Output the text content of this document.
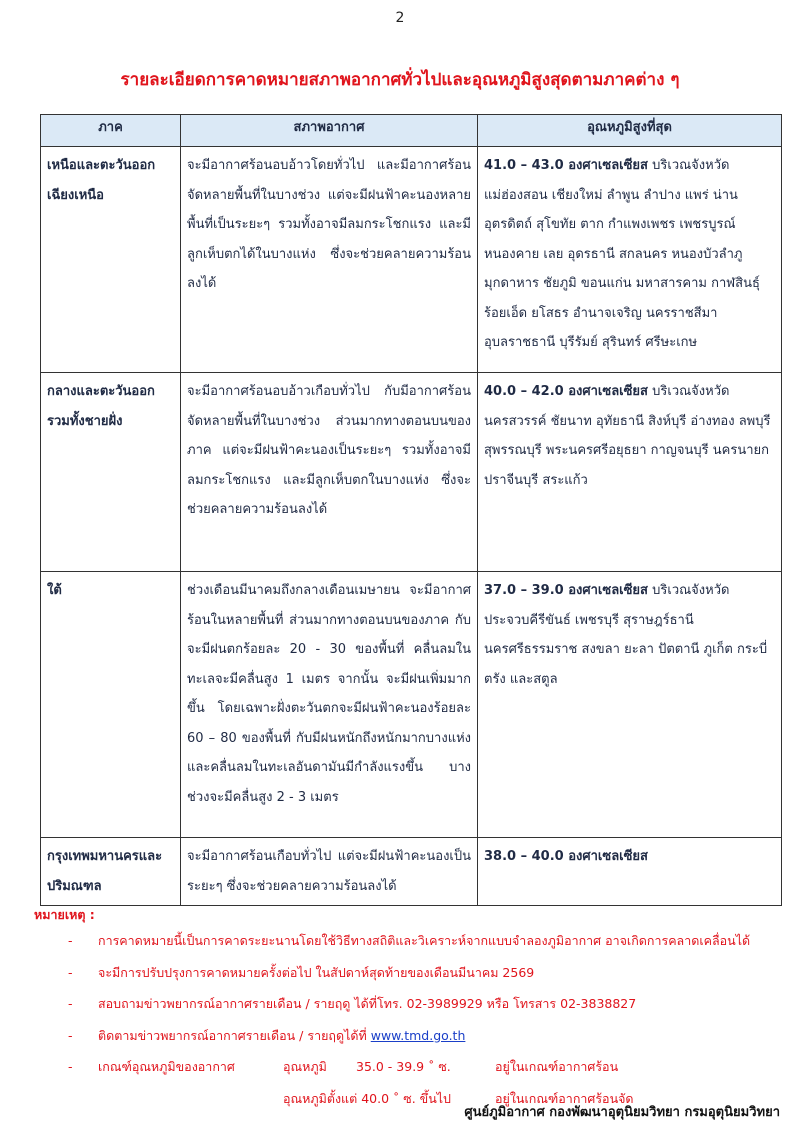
2
รายละเอียดการคาดหมายสภาพอากาศทั่วไปและอุณหภูมิสูงสุดตามภาคต่าง ๆ
ภาค	สภาพอากาศ	อุณหภูมิสูงที่สุด
เหนือและตะวันออกเฉียงเหนือ	จะมีอากาศร้อนอบอ้าวโดยทั่วไป และมีอากาศร้อนจัดหลายพื้นที่ในบางช่วง แต่จะมีฝนฟ้าคะนองหลายพื้นที่เป็นระยะๆ รวมทั้งอาจมีลมกระโชกแรง และมีลูกเห็บตกได้ในบางแห่ง ซึ่งจะช่วยคลายความร้อนลงได้	41.0 – 43.0 องศาเซลเซียส บริเวณจังหวัดแม่ฮ่องสอน เชียงใหม่ ลำพูน ลำปาง แพร่ น่าน อุตรดิตถ์ สุโขทัย ตาก กำแพงเพชร เพชรบูรณ์ หนองคาย เลย อุดรธานี สกลนคร หนองบัวลำภู มุกดาหาร ชัยภูมิ ขอนแก่น มหาสารคาม กาฬสินธุ์ ร้อยเอ็ด ยโสธร อำนาจเจริญ นครราชสีมา อุบลราชธานี บุรีรัมย์ สุรินทร์ ศรีษะเกษ
กลางและตะวันออกรวมทั้งชายฝั่ง	จะมีอากาศร้อนอบอ้าวเกือบทั่วไป กับมีอากาศร้อนจัดหลายพื้นที่ในบางช่วง ส่วนมากทางตอนบนของภาค แต่จะมีฝนฟ้าคะนองเป็นระยะๆ รวมทั้งอาจมีลมกระโชกแรง และมีลูกเห็บตกในบางแห่ง ซึ่งจะช่วยคลายความร้อนลงได้	40.0 – 42.0 องศาเซลเซียส บริเวณจังหวัดนครสวรรค์ ชัยนาท อุทัยธานี สิงห์บุรี อ่างทอง ลพบุรี สุพรรณบุรี พระนครศรีอยุธยา กาญจนบุรี นครนายก ปราจีนบุรี สระแก้ว
ใต้	ช่วงเดือนมีนาคมถึงกลางเดือนเมษายน จะมีอากาศร้อนในหลายพื้นที่ ส่วนมากทางตอนบนของภาค กับจะมีฝนตกร้อยละ 20 - 30 ของพื้นที่ คลื่นลมในทะเลจะมีคลื่นสูง 1 เมตร จากนั้น จะมีฝนเพิ่มมากขึ้น โดยเฉพาะฝั่งตะวันตกจะมีฝนฟ้าคะนองร้อยละ 60 – 80 ของพื้นที่ กับมีฝนหนักถึงหนักมากบางแห่งและคลื่นลมในทะเลอันดามันมีกำลังแรงขึ้น บางช่วงจะมีคลื่นสูง 2 - 3 เมตร	37.0 – 39.0 องศาเซลเซียส บริเวณจังหวัดประจวบคีรีขันธ์ เพชรบุรี สุราษฎร์ธานี นครศรีธรรมราช สงขลา ยะลา ปัตตานี ภูเก็ต กระบี่ ตรัง และสตูล
กรุงเทพมหานครและปริมณฑล	จะมีอากาศร้อนเกือบทั่วไป แต่จะมีฝนฟ้าคะนองเป็นระยะๆ ซึ่งจะช่วยคลายความร้อนลงได้	38.0 – 40.0 องศาเซลเซียส
หมายเหตุ :
- การคาดหมายนี้เป็นการคาดระยะนานโดยใช้วิธีทางสถิติและวิเคราะห์จากแบบจำลองภูมิอากาศ อาจเกิดการคลาดเคลื่อนได้
- จะมีการปรับปรุงการคาดหมายครั้งต่อไป ในสัปดาห์สุดท้ายของเดือนมีนาคม 2569
- สอบถามข่าวพยากรณ์อากาศรายเดือน / รายฤดู ได้ที่โทร. 02-3989929 หรือ โทรสาร 02-3838827
- ติดตามข่าวพยากรณ์อากาศรายเดือน / รายฤดูได้ที่ www.tmd.go.th
- เกณฑ์อุณหภูมิของอากาศ	อุณหภูมิ 35.0 - 39.9 ˚ ซ.	อยู่ในเกณฑ์อากาศร้อน
อุณหภูมิตั้งแต่ 40.0 ˚ ซ. ขึ้นไป	อยู่ในเกณฑ์อากาศร้อนจัด
ศูนย์ภูมิอากาศ กองพัฒนาอุตุนิยมวิทยา กรมอุตุนิยมวิทยา
